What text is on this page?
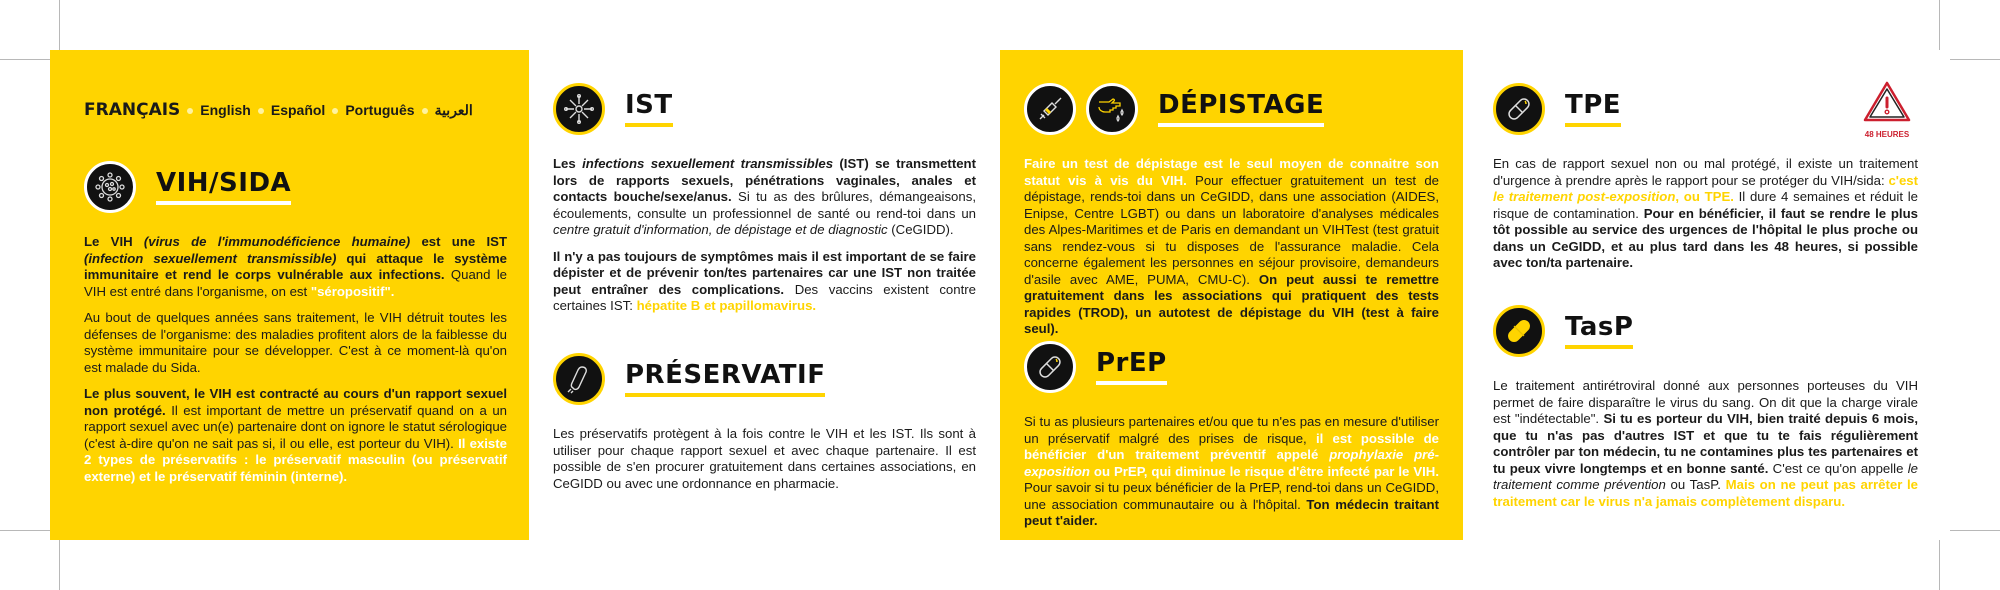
FRANÇAIS English Español Português العربية
VIH/SIDA

Le VIH (virus de l'immunodéficience humaine) est une IST (infection sexuellement transmissible) qui attaque le système immunitaire et rend le corps vulnérable aux infections. Quand le VIH est entré dans l'organisme, on est "séropositif".

Au bout de quelques années sans traitement, le VIH détruit toutes les défenses de l'organisme: des maladies profitent alors de la faiblesse du système immunitaire pour se développer. C'est à ce moment-là qu'on est malade du Sida.

Le plus souvent, le VIH est contracté au cours d'un rapport sexuel non protégé. Il est important de mettre un préservatif quand on a un rapport sexuel avec un(e) partenaire dont on ignore le statut sérologique (c'est à-dire qu'on ne sait pas si, il ou elle, est porteur du VIH). Il existe 2 types de préservatifs : le préservatif masculin (ou préservatif externe) et le préservatif féminin (interne).

IST

Les infections sexuellement transmissibles (IST) se transmettent lors de rapports sexuels, pénétrations vaginales, anales et contacts bouche/sexe/anus. Si tu as des brûlures, démangeaisons, écoulements, consulte un professionnel de santé ou rend-toi dans un centre gratuit d'information, de dépistage et de diagnostic (CeGIDD).

Il n'y a pas toujours de symptômes mais il est important de se faire dépister et de prévenir ton/tes partenaires car une IST non traitée peut entraîner des complications. Des vaccins existent contre certaines IST: hépatite B et papillomavirus.

PRÉSERVATIF

Les préservatifs protègent à la fois contre le VIH et les IST. Ils sont à utiliser pour chaque rapport sexuel et avec chaque partenaire. Il est possible de s'en procurer gratuitement dans certaines associations, en CeGIDD ou avec une ordonnance en pharmacie.

DÉPISTAGE

Faire un test de dépistage est le seul moyen de connaitre son statut vis à vis du VIH. Pour effectuer gratuitement un test de dépistage, rends-toi dans un CeGIDD, dans une association (AIDES, Enipse, Centre LGBT) ou dans un laboratoire d'analyses médicales des Alpes-Maritimes et de Paris en demandant un VIHTest (test gratuit sans rendez-vous si tu disposes de l'assurance maladie. Cela concerne également les personnes en séjour provisoire, demandeurs d'asile avec AME, PUMA, CMU-C). On peut aussi te remettre gratuitement dans les associations qui pratiquent des tests rapides (TROD), un autotest de dépistage du VIH (test à faire seul).

PrEP

Si tu as plusieurs partenaires et/ou que tu n'es pas en mesure d'utiliser un préservatif malgré des prises de risque, il est possible de bénéficier d'un traitement préventif appelé prophylaxie pré-exposition ou PrEP, qui diminue le risque d'être infecté par le VIH. Pour savoir si tu peux bénéficier de la PrEP, rend-toi dans un CeGIDD, une association communautaire ou à l'hôpital. Ton médecin traitant peut t'aider.

48 HEURES
TPE

En cas de rapport sexuel non ou mal protégé, il existe un traitement d'urgence à prendre après le rapport pour se protéger du VIH/sida: c'est le traitement post-exposition, ou TPE. Il dure 4 semaines et réduit le risque de contamination. Pour en bénéficier, il faut se rendre le plus tôt possible au service des urgences de l'hôpital le plus proche ou dans un CeGIDD, et au plus tard dans les 48 heures, si possible avec ton/ta partenaire.

TasP

Le traitement antirétroviral donné aux personnes porteuses du VIH permet de faire disparaître le virus du sang. On dit que la charge virale est "indétectable". Si tu es porteur du VIH, bien traité depuis 6 mois, que tu n'as pas d'autres IST et que tu te fais régulièrement contrôler par ton médecin, tu ne contamines plus tes partenaires et tu peux vivre longtemps et en bonne santé. C'est ce qu'on appelle le traitement comme prévention ou TasP. Mais on ne peut pas arrêter le traitement car le virus n'a jamais complètement disparu.
